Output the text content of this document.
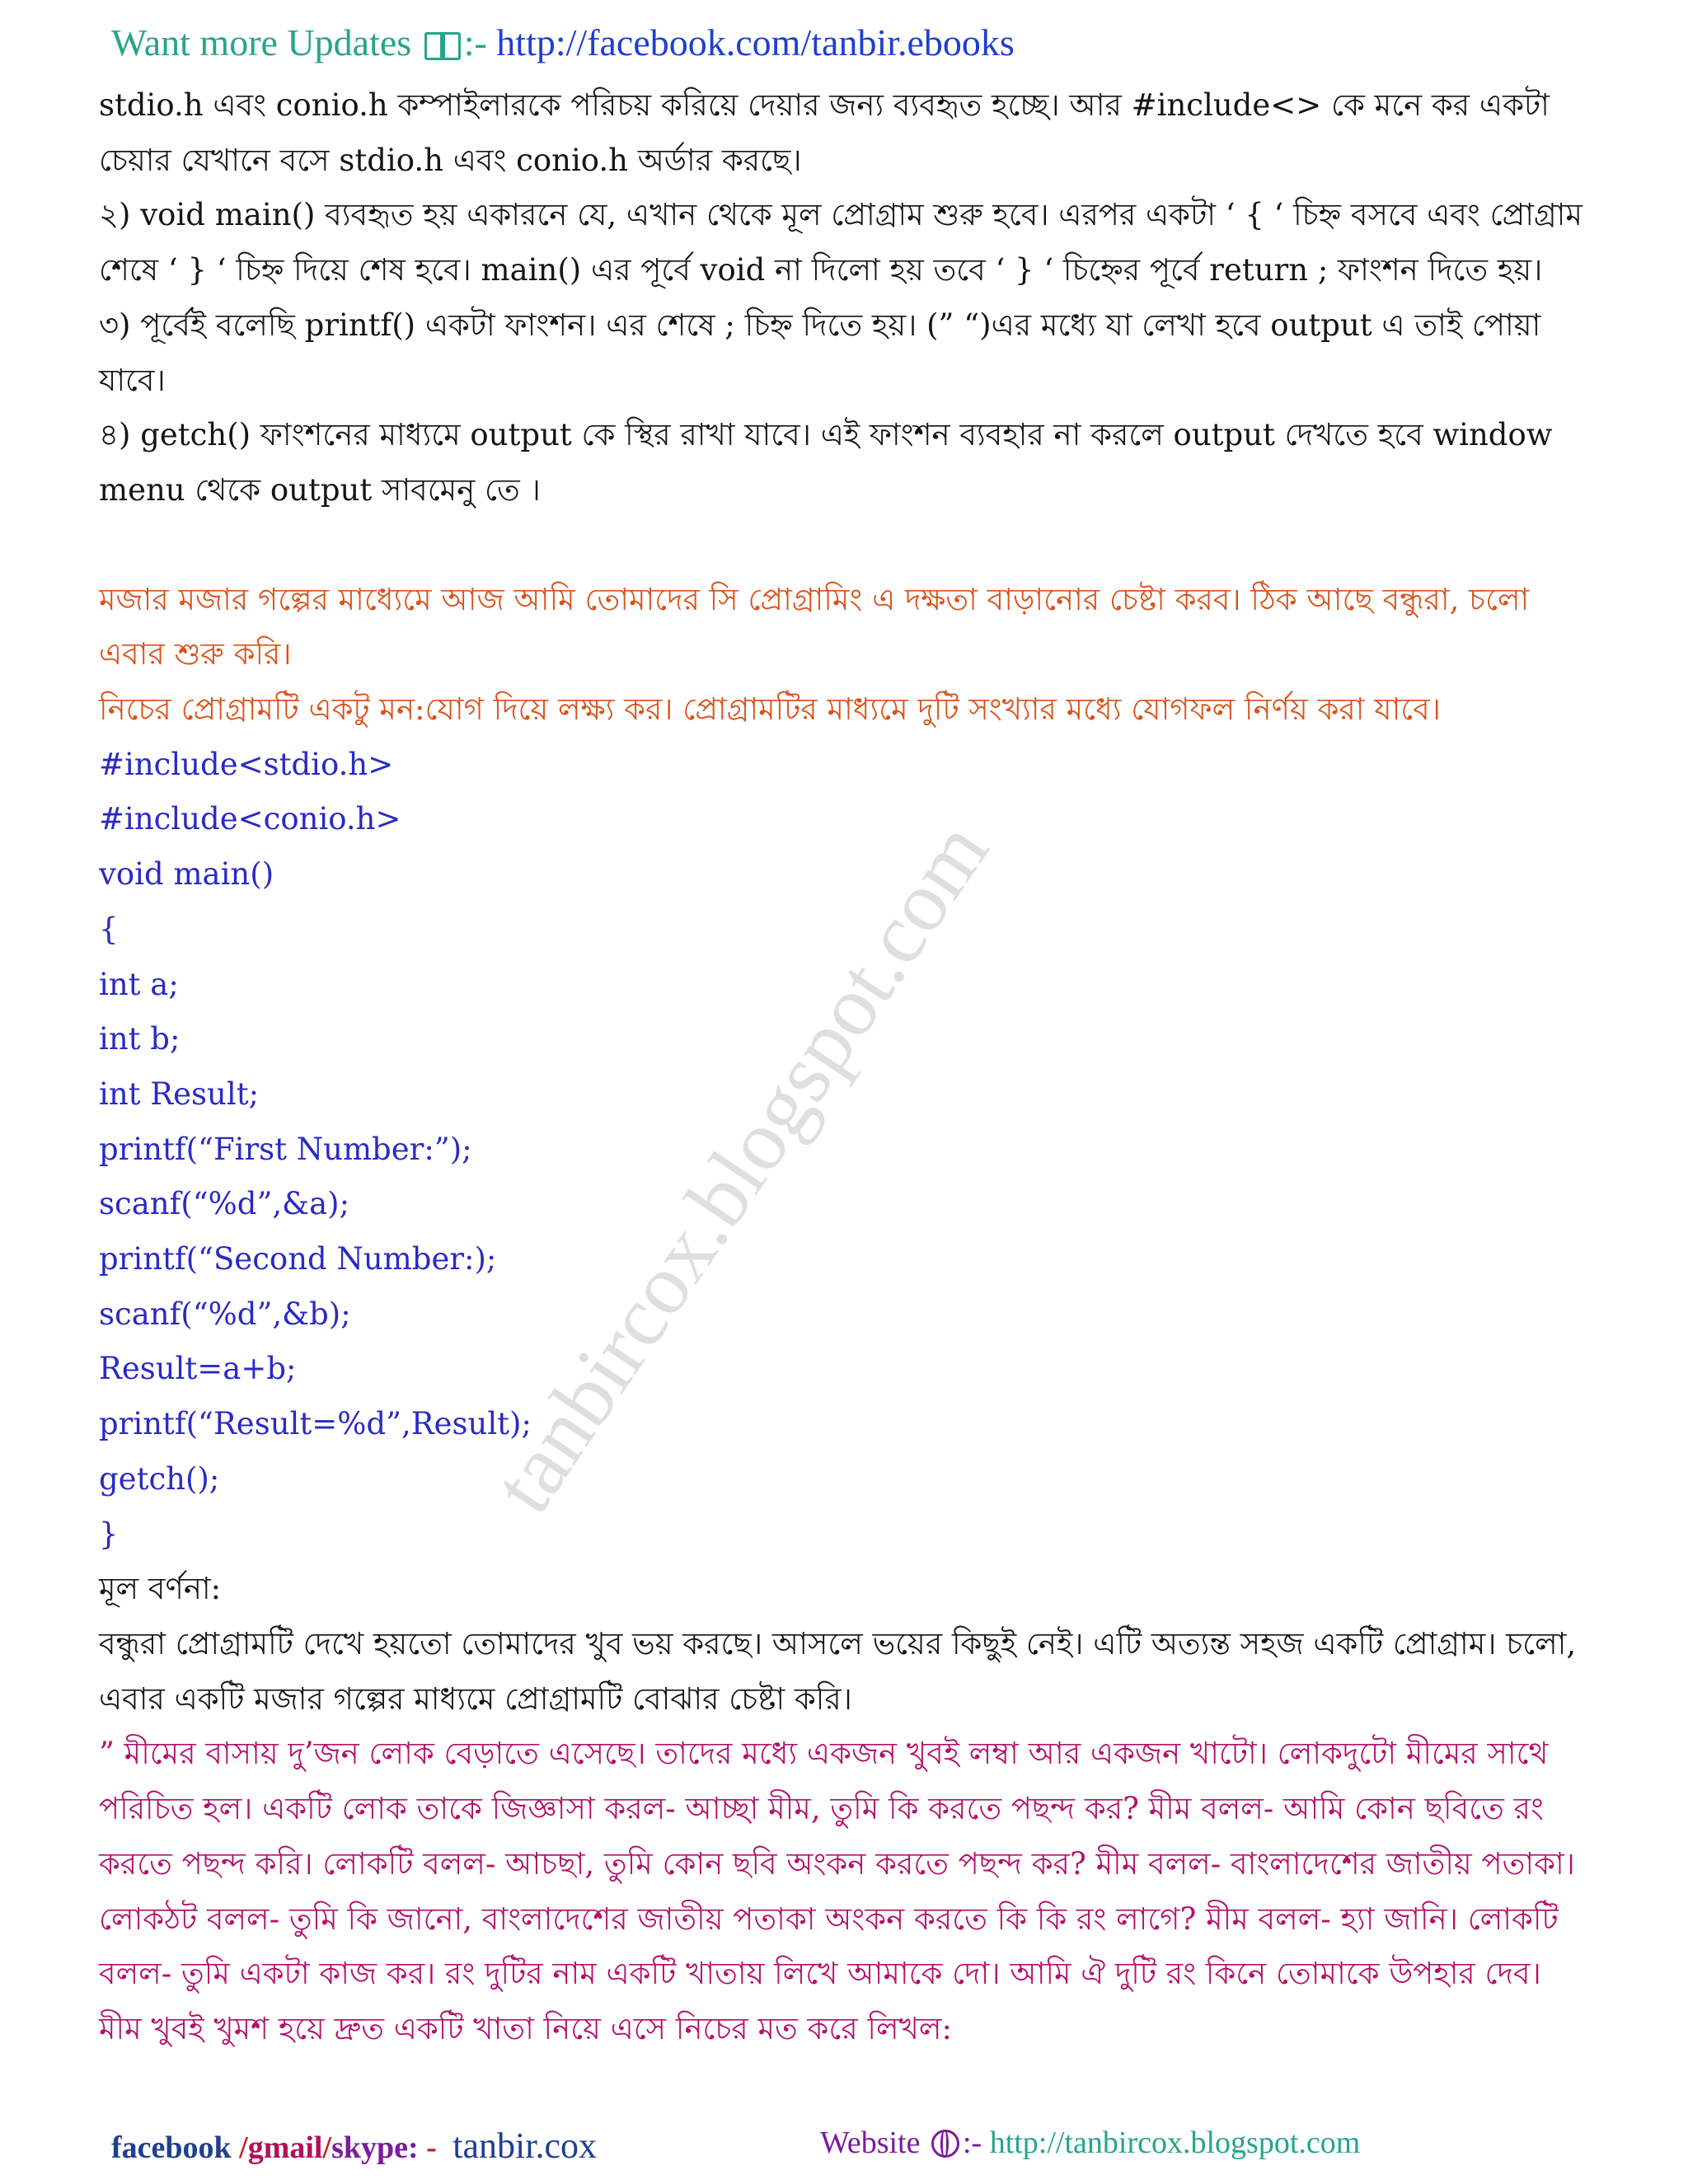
Want more Updates :- http://facebook.com/tanbir.ebooks
tanbircox.blogspot.com

stdio.h এবং conio.h কম্পাইলারকে পরিচয় করিয়ে দেয়ার জন্য ব্যবহৃত হচ্ছে। আর #include<> কে মনে কর একটা চেয়ার যেখানে বসে stdio.h এবং conio.h অর্ডার করছে।

২) void main() ব্যবহৃত হয় একারনে যে, এখান থেকে মূল প্রোগ্রাম শুরু হবে। এরপর একটা ‘ { ‘ চিহ্ন বসবে এবং প্রোগ্রাম শেষে ‘ } ‘ চিহ্ন দিয়ে শেষ হবে। main() এর পূর্বে void না দিলো হয় তবে ‘ } ‘ চিহ্নের পূর্বে return ; ফাংশন দিতে হয়।

৩) পূর্বেই বলেছি printf() একটা ফাংশন। এর শেষে ; চিহ্ন দিতে হয়। (” “)এর মধ্যে যা লেখা হবে output এ তাই পোয়া যাবে।

৪) getch() ফাংশনের মাধ্যমে output কে স্থির রাখা যাবে। এই ফাংশন ব্যবহার না করলে output দেখতে হবে window menu থেকে output সাবমেনু তে ।

মজার মজার গল্পের মাধ্যেমে আজ আমি তোমাদের সি প্রোগ্রামিং এ দক্ষতা বাড়ানোর চেষ্টা করব। ঠিক আছে বন্ধুরা, চলো এবার শুরু করি।

নিচের প্রোগ্রামটি একটু মন:যোগ দিয়ে লক্ষ্য কর। প্রোগ্রামটির মাধ্যমে দুটি সংখ্যার মধ্যে যোগফল নির্ণয় করা যাবে।

#include<stdio.h>

#include<conio.h>

void main()

{

int a;

int b;

int Result;

printf(“First Number:”);

scanf(“%d”,&a);

printf(“Second Number:);

scanf(“%d”,&b);

Result=a+b;

printf(“Result=%d”,Result);

getch();

}

মূল বর্ণনা:

বন্ধুরা প্রোগ্রামটি দেখে হয়তো তোমাদের খুব ভয় করছে। আসলে ভয়ের কিছুই নেই। এটি অত্যন্ত সহজ একটি প্রোগ্রাম। চলো, এবার একটি মজার গল্পের মাধ্যমে প্রোগ্রামটি বোঝার চেষ্টা করি।

” মীমের বাসায় দু’জন লোক বেড়াতে এসেছে। তাদের মধ্যে একজন খুবই লম্বা আর একজন খাটো। লোকদুটো মীমের সাথে পরিচিত হল। একটি লোক তাকে জিজ্ঞাসা করল- আচ্ছা মীম, তুমি কি করতে পছন্দ কর? মীম বলল- আমি কোন ছবিতে রং করতে পছন্দ করি। লোকটি বলল- আচছা, তুমি কোন ছবি অংকন করতে পছন্দ কর? মীম বলল- বাংলাদেশের জাতীয় পতাকা। লোকঠট বলল- তুমি কি জানো, বাংলাদেশের জাতীয় পতাকা অংকন করতে কি কি রং লাগে? মীম বলল- হ্যা জানি। লোকটি বলল- তুমি একটা কাজ কর। রং দুটির নাম একটি খাতায় লিখে আমাকে দো। আমি ঐ দুটি রং কিনে তোমাকে উপহার দেব। মীম খুবই খুমশ হয়ে দ্রুত একটি খাতা নিয়ে এসে নিচের মত করে লিখল:

facebook /gmail/skype: - tanbir.cox	Website :- http://tanbircox.blogspot.com
